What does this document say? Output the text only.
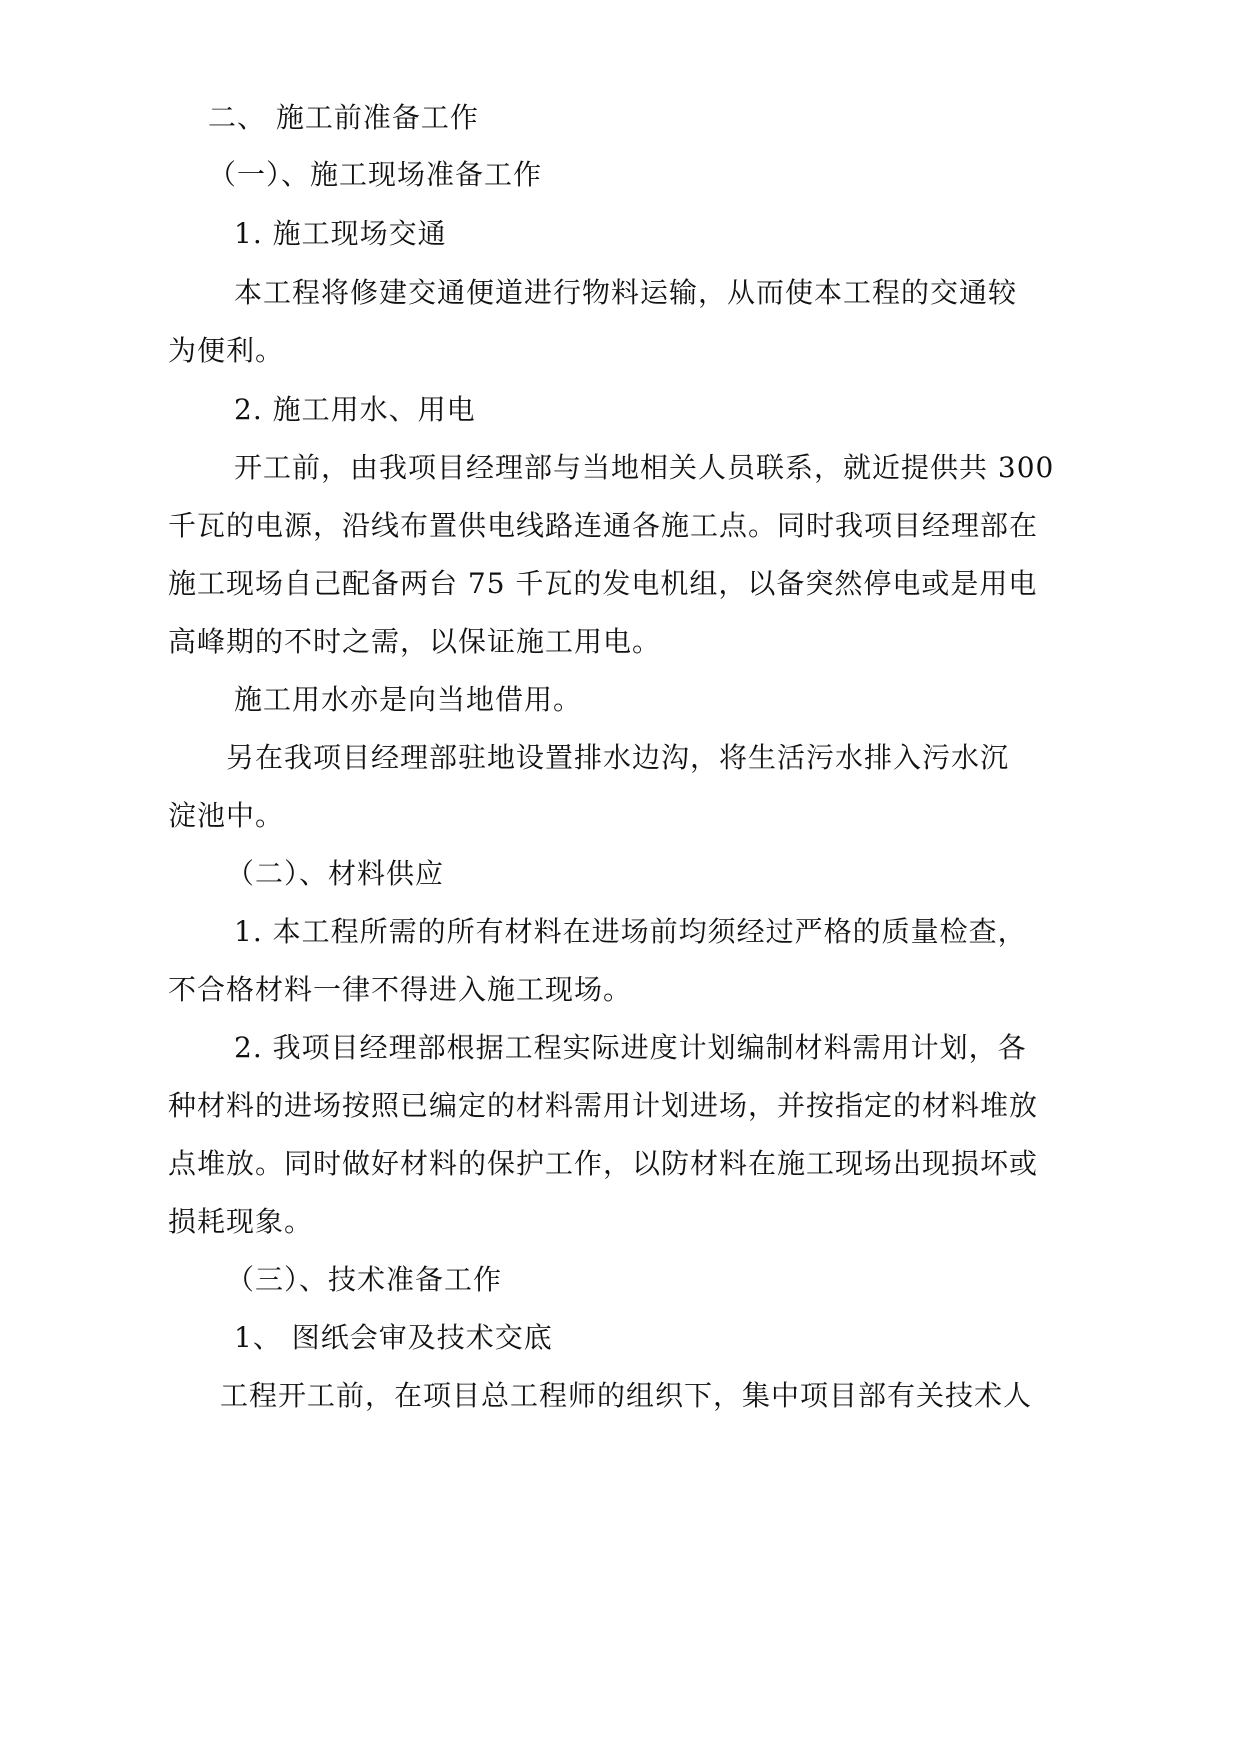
二、 施工前准备工作
（一）、施工现场准备工作
1. 施工现场交通
本工程将修建交通便道进行物料运输，从而使本工程的交通较
为便利。
2. 施工用水、用电
开工前，由我项目经理部与当地相关人员联系，就近提供共 300
千瓦的电源，沿线布置供电线路连通各施工点。同时我项目经理部在
施工现场自己配备两台 75 千瓦的发电机组，以备突然停电或是用电
高峰期的不时之需，以保证施工用电。
施工用水亦是向当地借用。
另在我项目经理部驻地设置排水边沟，将生活污水排入污水沉
淀池中。
（二）、材料供应
1. 本工程所需的所有材料在进场前均须经过严格的质量检查，
不合格材料一律不得进入施工现场。
2. 我项目经理部根据工程实际进度计划编制材料需用计划，各
种材料的进场按照已编定的材料需用计划进场，并按指定的材料堆放
点堆放。同时做好材料的保护工作，以防材料在施工现场出现损坏或
损耗现象。
（三）、技术准备工作
1、 图纸会审及技术交底
工程开工前，在项目总工程师的组织下，集中项目部有关技术人
